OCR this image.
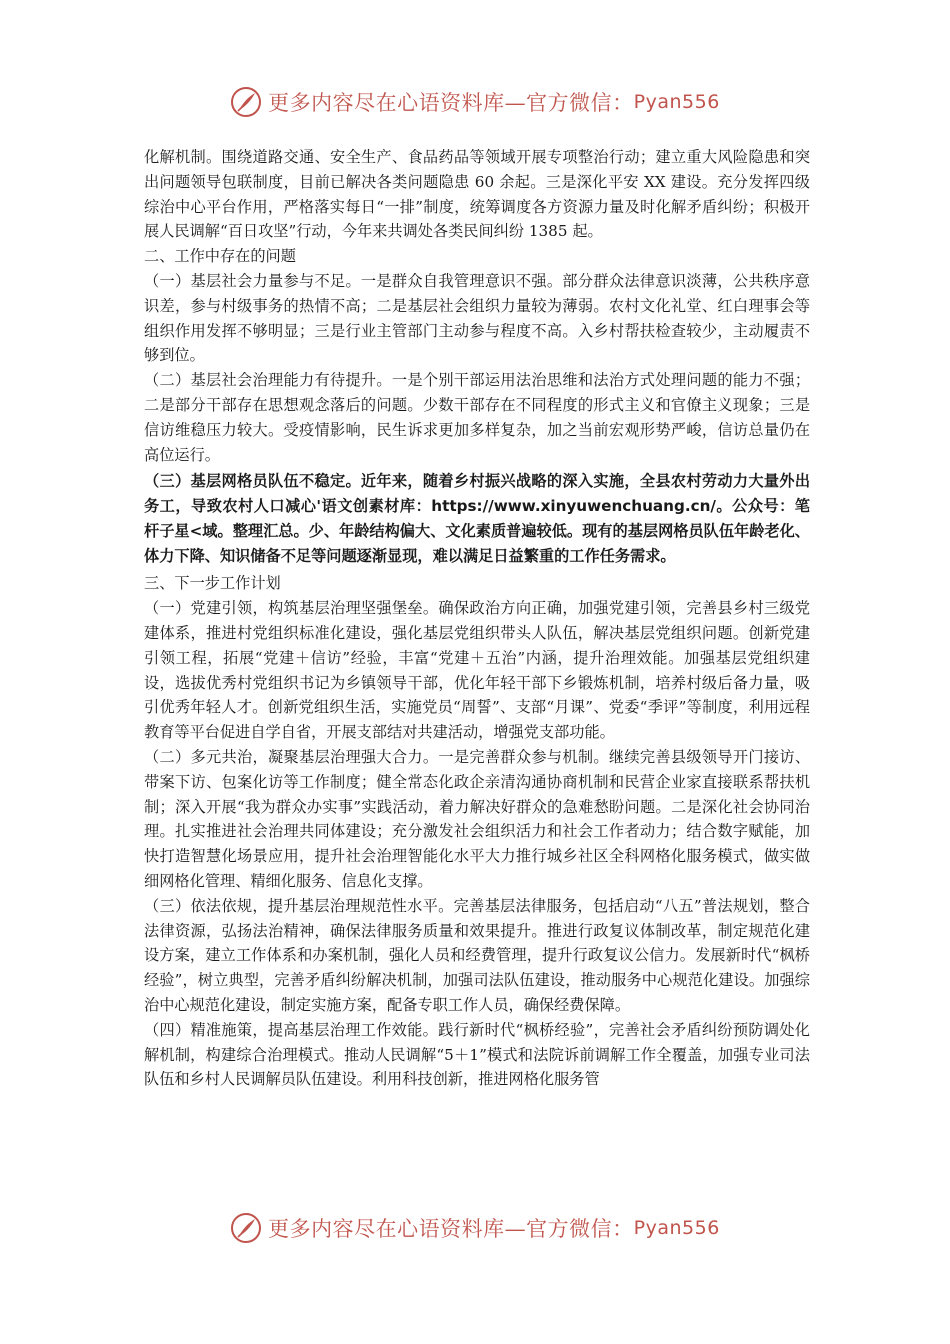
更多内容尽在心语资料库—官方微信： Pyan556

化解机制。围绕道路交通、安全生产、食品药品等领域开展专项整治行动；建立重大风险隐患和突出问题领导包联制度，目前已解决各类问题隐患 60 余起。三是深化平安 XX 建设。充分发挥四级综治中心平台作用，严格落实每日“一排”制度，统筹调度各方资源力量及时化解矛盾纠纷；积极开展人民调解“百日攻坚”行动，今年来共调处各类民间纠纷 1385 起。

二、工作中存在的问题

（一）基层社会力量参与不足。一是群众自我管理意识不强。部分群众法律意识淡薄，公共秩序意识差，参与村级事务的热情不高；二是基层社会组织力量较为薄弱。农村文化礼堂、红白理事会等组织作用发挥不够明显；三是行业主管部门主动参与程度不高。入乡村帮扶检查较少，主动履责不够到位。

（二）基层社会治理能力有待提升。一是个别干部运用法治思维和法治方式处理问题的能力不强；二是部分干部存在思想观念落后的问题。少数干部存在不同程度的形式主义和官僚主义现象；三是信访维稳压力较大。受疫情影响，民生诉求更加多样复杂，加之当前宏观形势严峻，信访总量仍在高位运行。

（三）基层网格员队伍不稳定。近年来，随着乡村振兴战略的深入实施，全县农村劳动力大量外出务工，导致农村人口减心'语文创素材库：https://www.xinyuwenchuang.cn/。公众号：笔杆子星<域。整理汇总。少、年龄结构偏大、文化素质普遍较低。现有的基层网格员队伍年龄老化、体力下降、知识储备不足等问题逐渐显现，难以满足日益繁重的工作任务需求。

三、下一步工作计划

（一）党建引领，构筑基层治理坚强堡垒。确保政治方向正确，加强党建引领，完善县乡村三级党建体系，推进村党组织标准化建设，强化基层党组织带头人队伍，解决基层党组织问题。创新党建引领工程，拓展“党建＋信访”经验，丰富“党建＋五治”内涵，提升治理效能。加强基层党组织建设，选拔优秀村党组织书记为乡镇领导干部，优化年轻干部下乡锻炼机制，培养村级后备力量，吸引优秀年轻人才。创新党组织生活，实施党员“周誓”、支部“月课”、党委“季评”等制度，利用远程教育等平台促进自学自省，开展支部结对共建活动，增强党支部功能。

（二）多元共治，凝聚基层治理强大合力。一是完善群众参与机制。继续完善县级领导开门接访、带案下访、包案化访等工作制度；健全常态化政企亲清沟通协商机制和民营企业家直接联系帮扶机制；深入开展“我为群众办实事”实践活动，着力解决好群众的急难愁盼问题。二是深化社会协同治理。扎实推进社会治理共同体建设；充分激发社会组织活力和社会工作者动力；结合数字赋能，加快打造智慧化场景应用，提升社会治理智能化水平大力推行城乡社区全科网格化服务模式，做实做细网格化管理、精细化服务、信息化支撑。

（三）依法依规，提升基层治理规范性水平。完善基层法律服务，包括启动“八五”普法规划，整合法律资源，弘扬法治精神，确保法律服务质量和效果提升。推进行政复议体制改革，制定规范化建设方案，建立工作体系和办案机制，强化人员和经费管理，提升行政复议公信力。发展新时代“枫桥经验”，树立典型，完善矛盾纠纷解决机制，加强司法队伍建设，推动服务中心规范化建设。加强综治中心规范化建设，制定实施方案，配备专职工作人员，确保经费保障。

（四）精准施策，提高基层治理工作效能。践行新时代“枫桥经验”，完善社会矛盾纠纷预防调处化解机制，构建综合治理模式。推动人民调解“5＋1”模式和法院诉前调解工作全覆盖，加强专业司法队伍和乡村人民调解员队伍建设。利用科技创新，推进网格化服务管

更多内容尽在心语资料库—官方微信： Pyan556
